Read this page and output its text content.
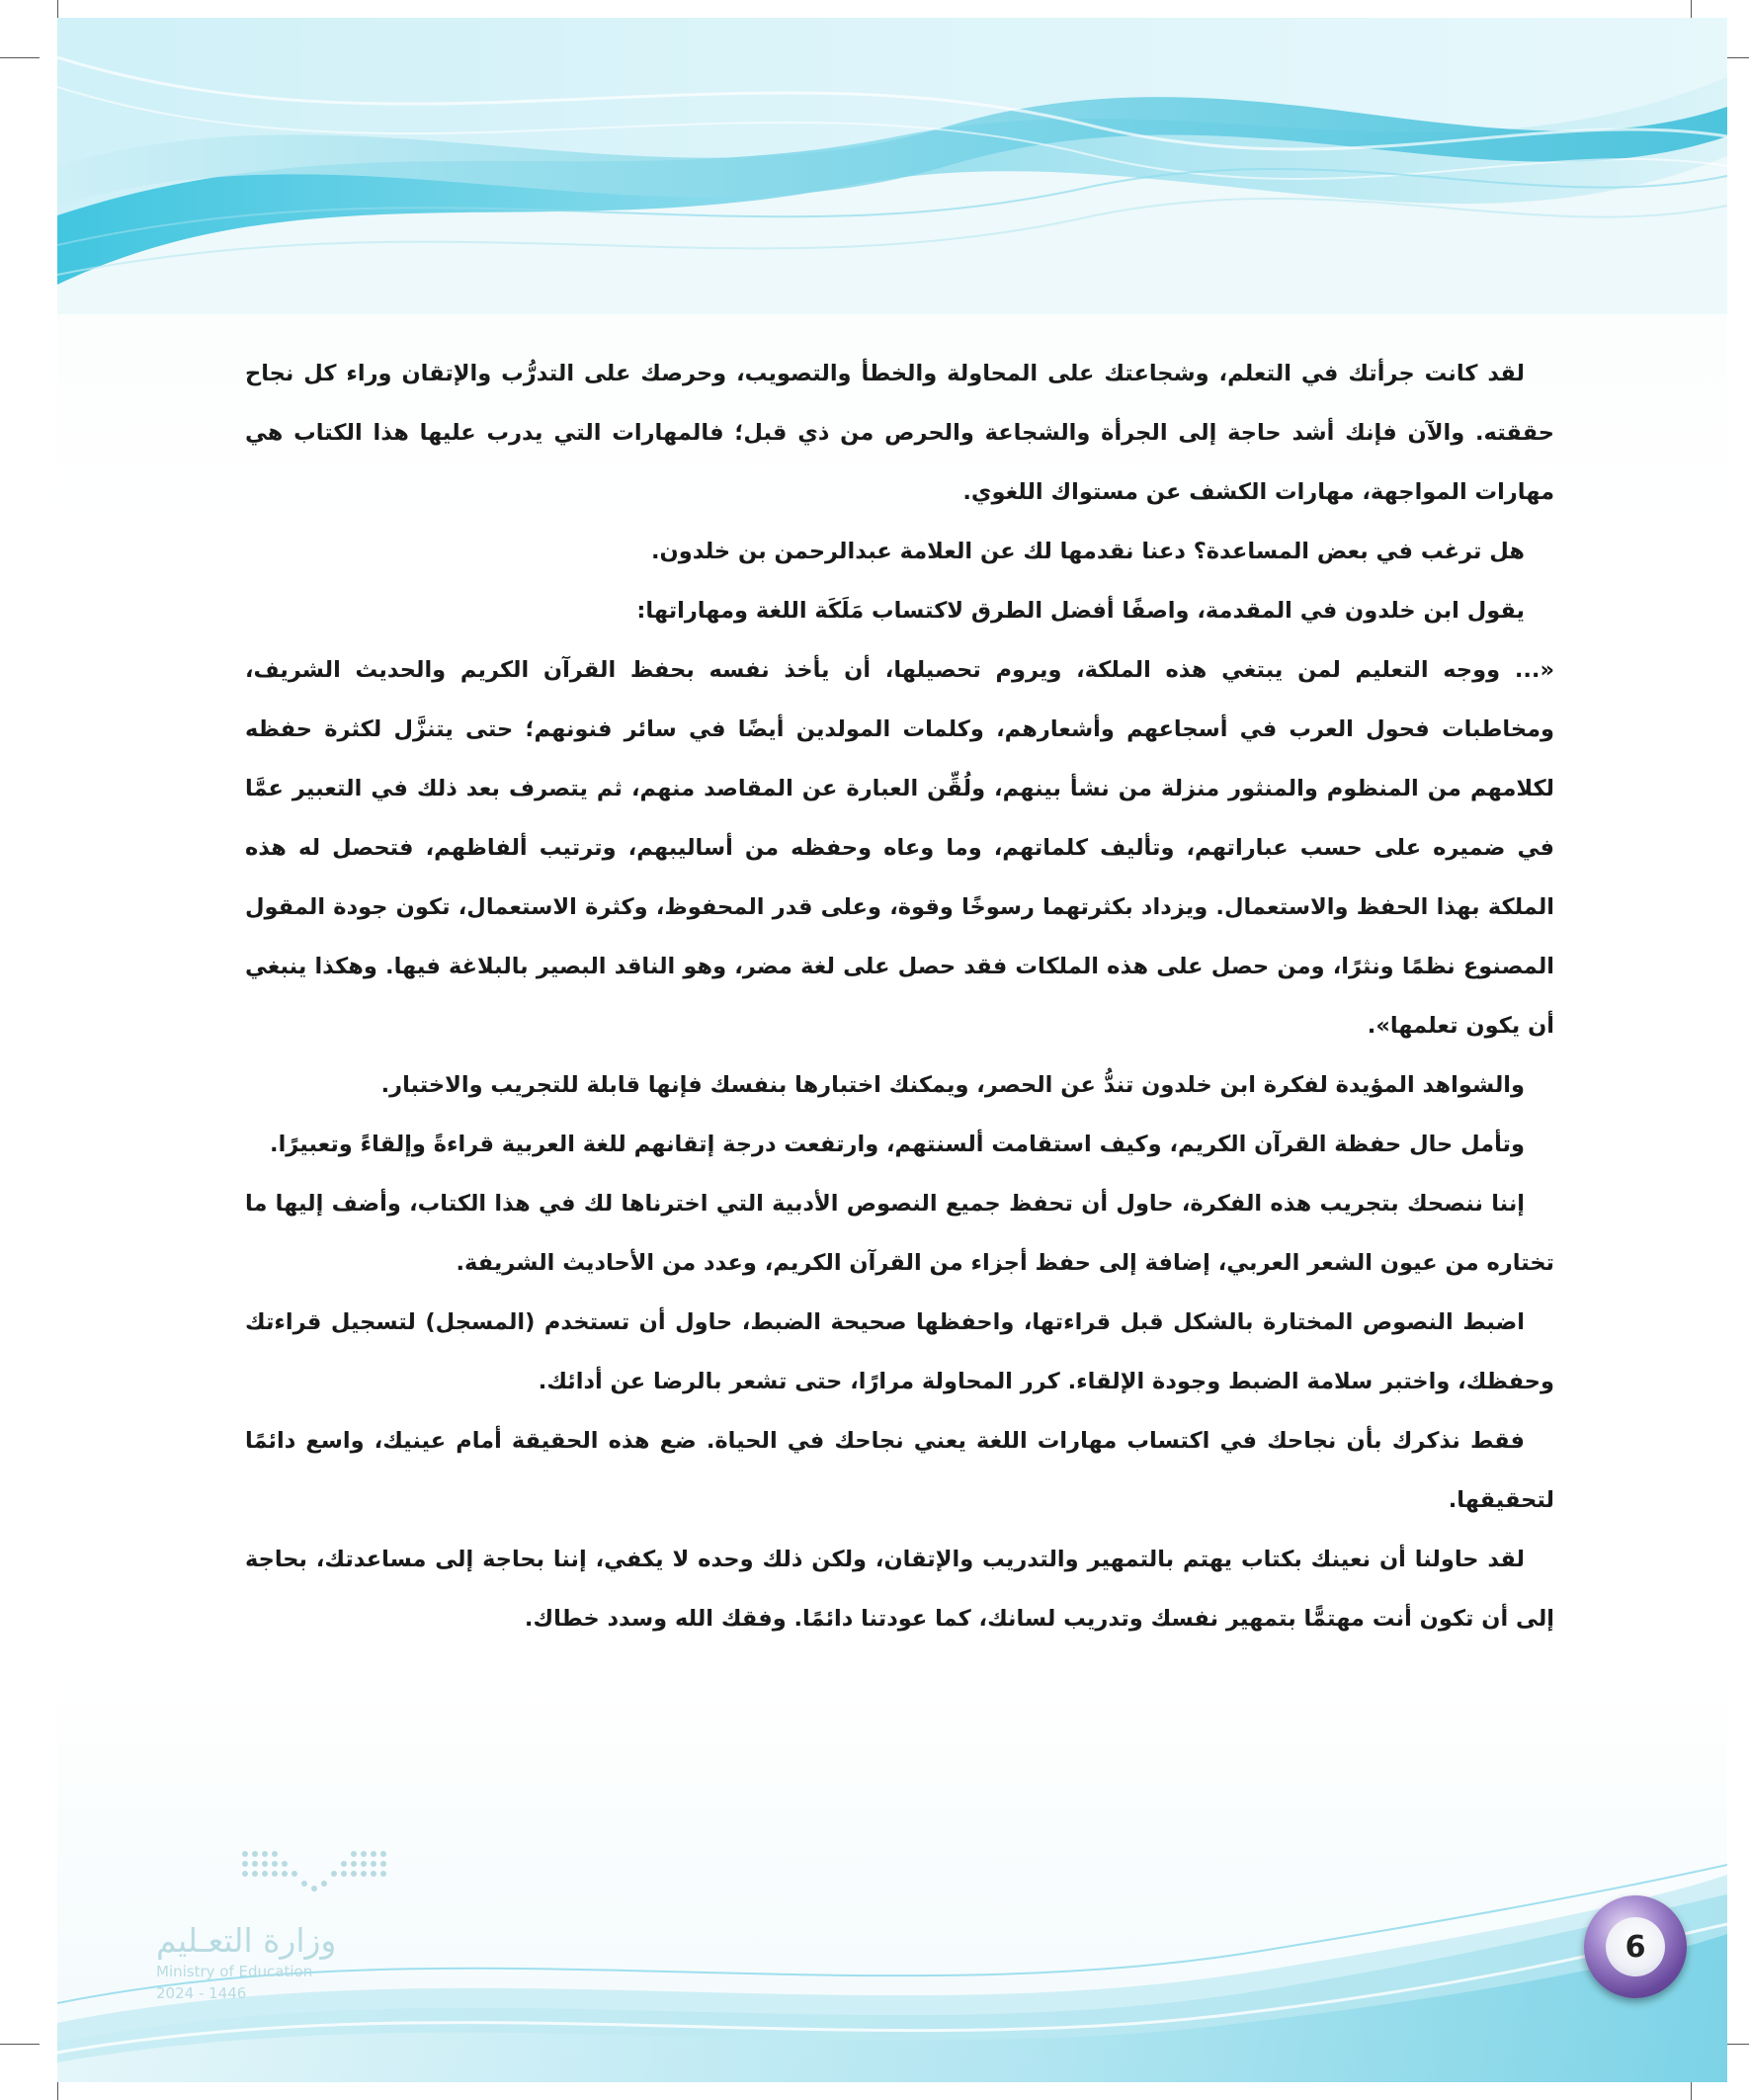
لقد كانت جرأتك في التعلم، وشجاعتك على المحاولة والخطأ والتصويب، وحرصك على التدرُّب والإتقان وراء كل نجاح حققته. والآن فإنك أشد حاجة إلى الجرأة والشجاعة والحرص من ذي قبل؛ فالمهارات التي يدرب عليها هذا الكتاب هي مهارات المواجهة، مهارات الكشف عن مستواك اللغوي.

هل ترغب في بعض المساعدة؟ دعنا نقدمها لك عن العلامة عبدالرحمن بن خلدون.

يقول ابن خلدون في المقدمة، واصفًا أفضل الطرق لاكتساب مَلَكَة اللغة ومهاراتها:

«... ووجه التعليم لمن يبتغي هذه الملكة، ويروم تحصيلها، أن يأخذ نفسه بحفظ القرآن الكريم والحديث الشريف، ومخاطبات فحول العرب في أسجاعهم وأشعارهم، وكلمات المولدين أيضًا في سائر فنونهم؛ حتى يتنزَّل لكثرة حفظه لكلامهم من المنظوم والمنثور منزلة من نشأ بينهم، ولُقِّن العبارة عن المقاصد منهم، ثم يتصرف بعد ذلك في التعبير عمَّا في ضميره على حسب عباراتهم، وتأليف كلماتهم، وما وعاه وحفظه من أساليبهم، وترتيب ألفاظهم، فتحصل له هذه الملكة بهذا الحفظ والاستعمال. ويزداد بكثرتهما رسوخًا وقوة، وعلى قدر المحفوظ، وكثرة الاستعمال، تكون جودة المقول المصنوع نظمًا ونثرًا، ومن حصل على هذه الملكات فقد حصل على لغة مضر، وهو الناقد البصير بالبلاغة فيها. وهكذا ينبغي أن يكون تعلمها».

والشواهد المؤيدة لفكرة ابن خلدون تندُّ عن الحصر، ويمكنك اختبارها بنفسك فإنها قابلة للتجريب والاختبار.

وتأمل حال حفظة القرآن الكريم، وكيف استقامت ألسنتهم، وارتفعت درجة إتقانهم للغة العربية قراءةً وإلقاءً وتعبيرًا.

إننا ننصحك بتجريب هذه الفكرة، حاول أن تحفظ جميع النصوص الأدبية التي اخترناها لك في هذا الكتاب، وأضف إليها ما تختاره من عيون الشعر العربي، إضافة إلى حفظ أجزاء من القرآن الكريم، وعدد من الأحاديث الشريفة.

اضبط النصوص المختارة بالشكل قبل قراءتها، واحفظها صحيحة الضبط، حاول أن تستخدم (المسجل) لتسجيل قراءتك وحفظك، واختبر سلامة الضبط وجودة الإلقاء. كرر المحاولة مرارًا، حتى تشعر بالرضا عن أدائك.

فقط نذكرك بأن نجاحك في اكتساب مهارات اللغة يعني نجاحك في الحياة. ضع هذه الحقيقة أمام عينيك، واسع دائمًا لتحقيقها.

لقد حاولنا أن نعينك بكتاب يهتم بالتمهير والتدريب والإتقان، ولكن ذلك وحده لا يكفي، إننا بحاجة إلى مساعدتك، بحاجة إلى أن تكون أنت مهتمًّا بتمهير نفسك وتدريب لسانك، كما عودتنا دائمًا. وفقك الله وسدد خطاك.

وزارة التعـليم
Ministry of Education
2024 - 1446
6
